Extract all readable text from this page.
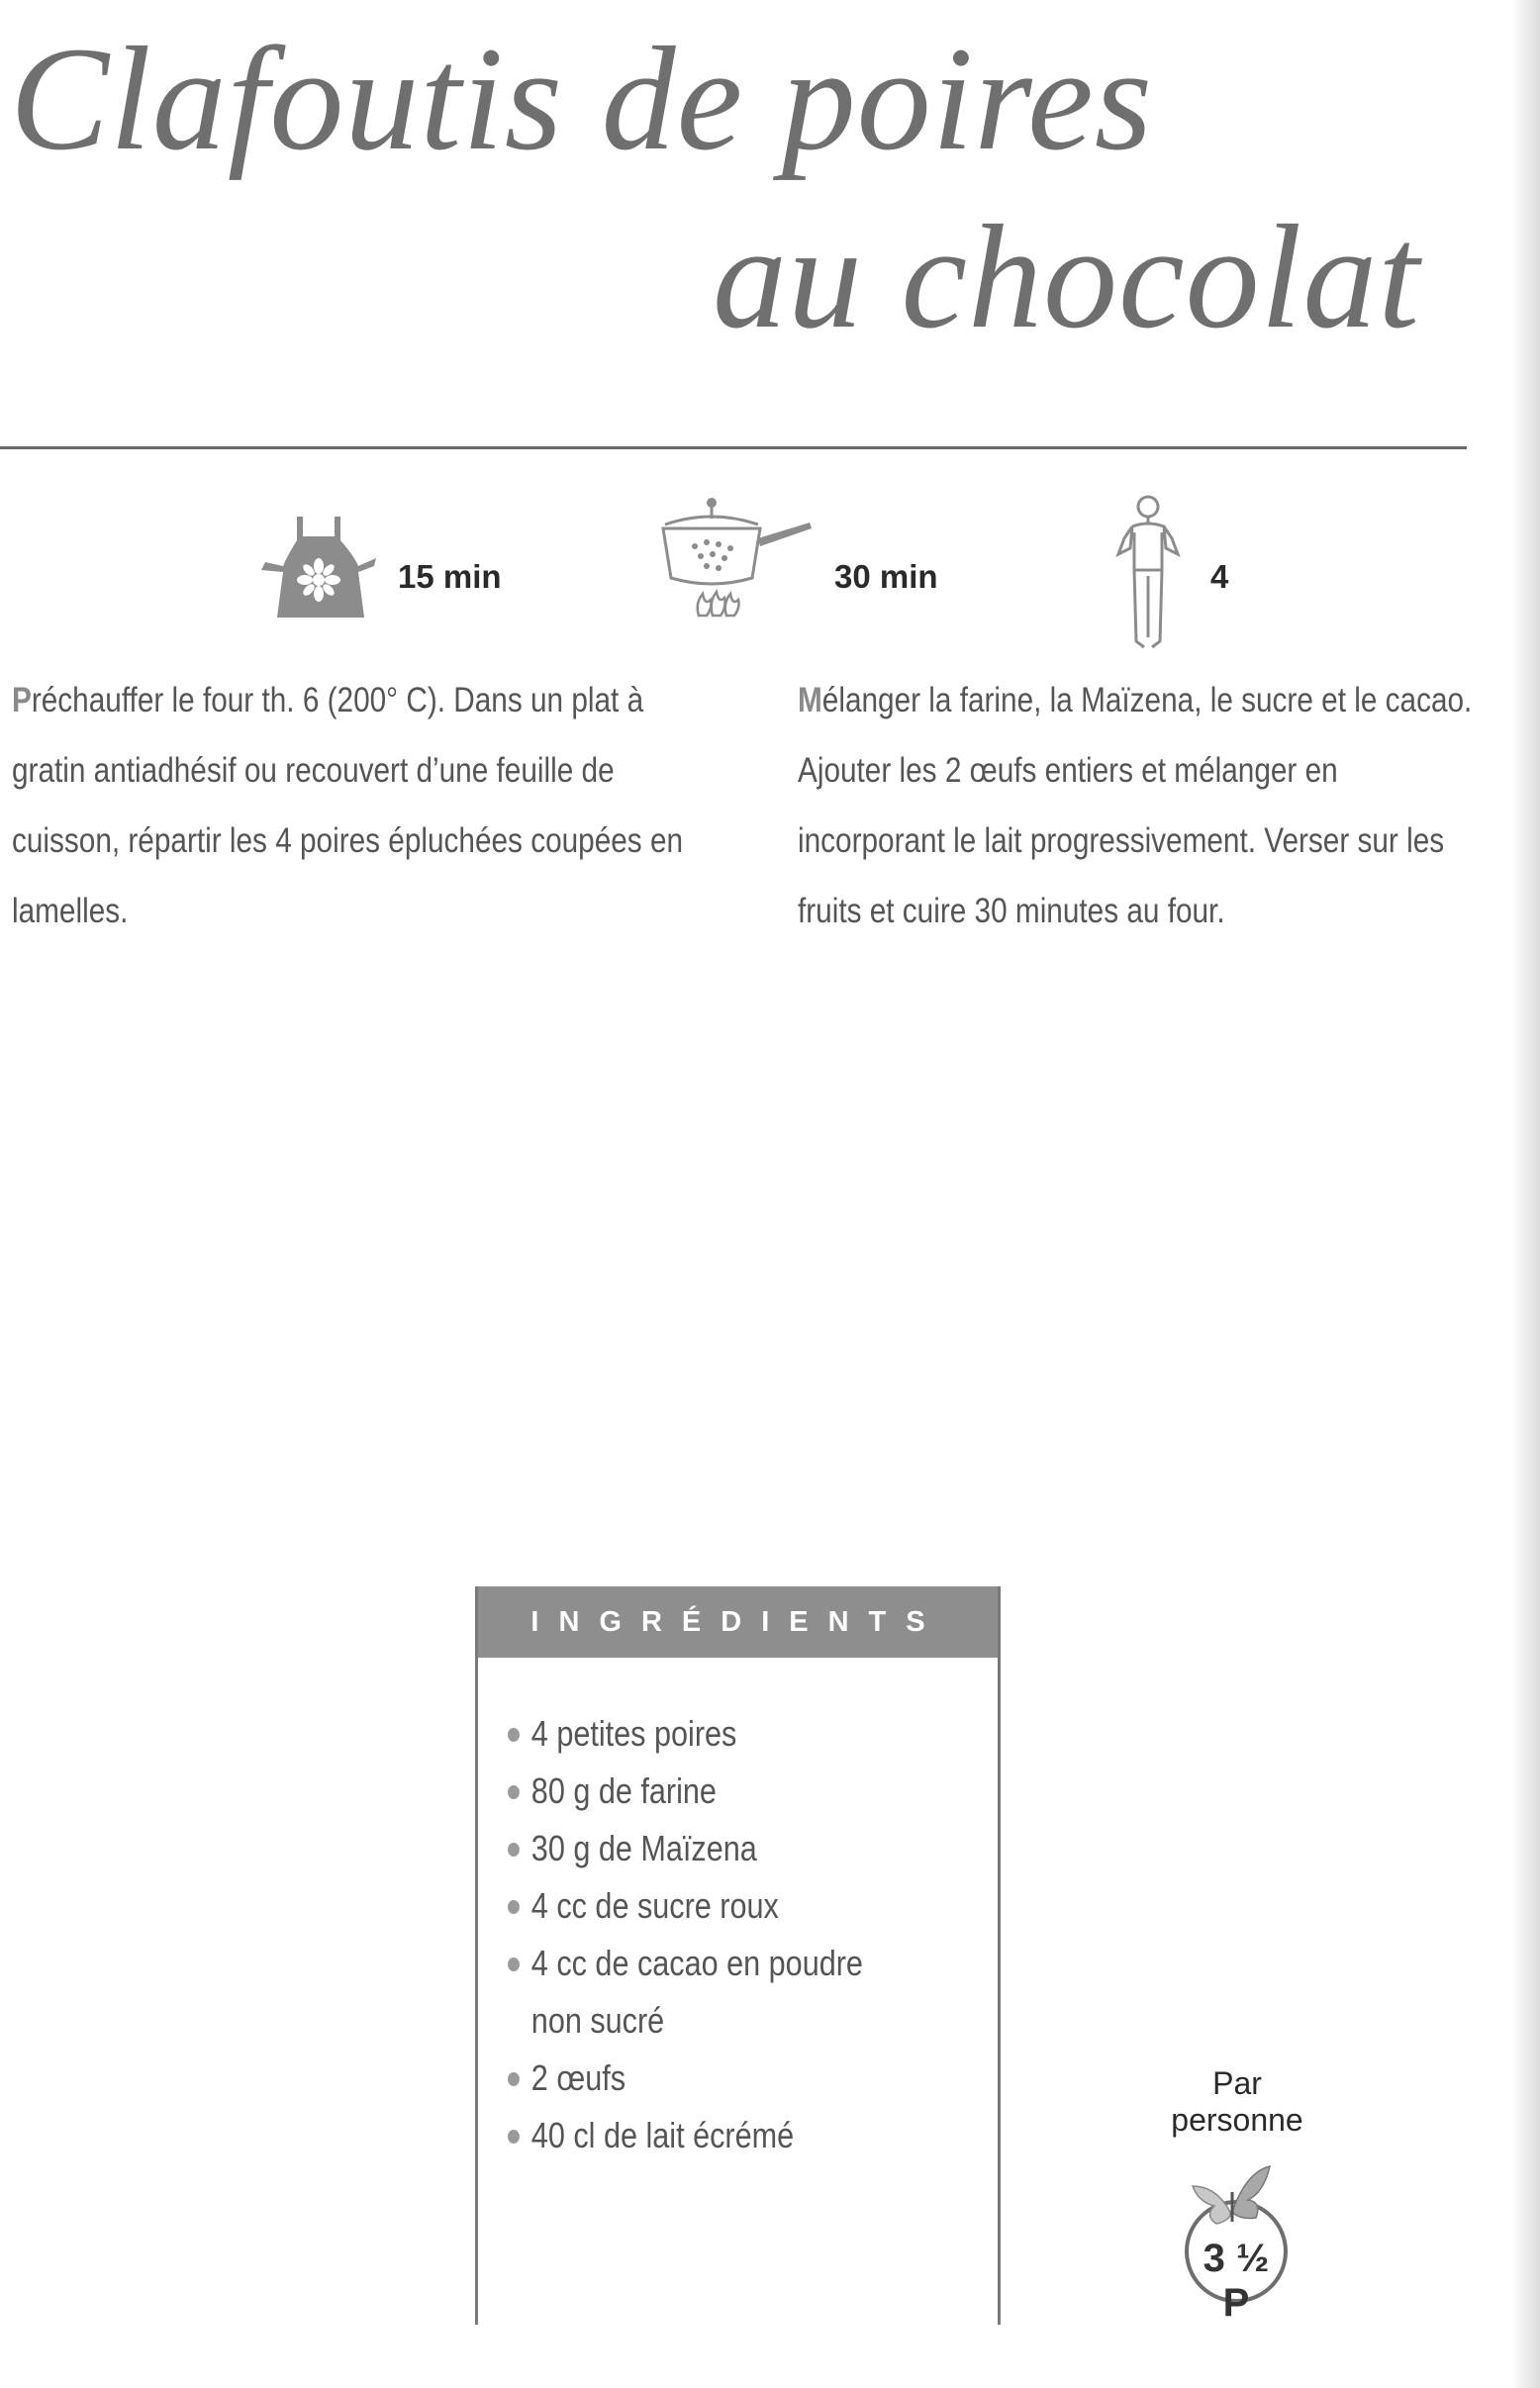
Clafoutis de poires
au chocolat
15 min	30 min	4
Préchauffer le four th. 6 (200° C). Dans un plat à gratin antiadhésif ou recouvert d’une feuille de cuisson, répartir les 4 poires épluchées coupées en lamelles.
Mélanger la farine, la Maïzena, le sucre et le cacao. Ajouter les 2 œufs entiers et mélanger en incorporant le lait progressivement. Verser sur les fruits et cuire 30 minutes au four.
INGRÉDIENTS
4 petites poires
80 g de farine
30 g de Maïzena
4 cc de sucre roux
4 cc de cacao en poudre
non sucré
2 œufs
40 cl de lait écrémé
Par
personne
3 ½ P
